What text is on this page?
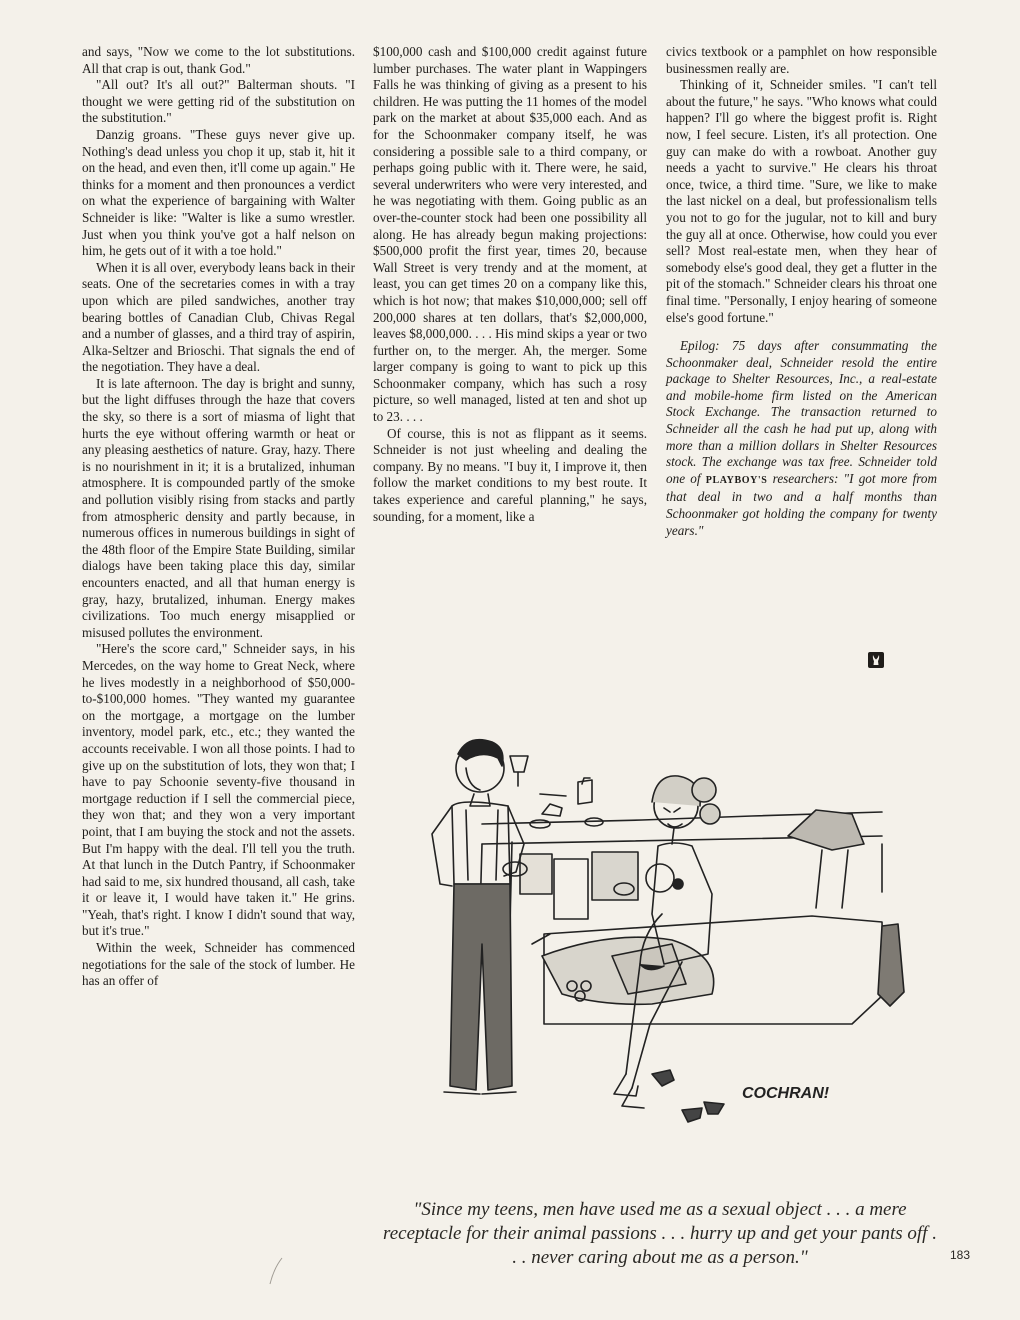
and says, "Now we come to the lot substitutions. All that crap is out, thank God."

"All out? It's all out?" Balterman shouts. "I thought we were getting rid of the substitution on the substitution."

Danzig groans. "These guys never give up. Nothing's dead unless you chop it up, stab it, hit it on the head, and even then, it'll come up again." He thinks for a moment and then pronounces a verdict on what the experience of bargaining with Walter Schneider is like: "Walter is like a sumo wrestler. Just when you think you've got a half nelson on him, he gets out of it with a toe hold."

When it is all over, everybody leans back in their seats. One of the secretaries comes in with a tray upon which are piled sandwiches, another tray bearing bottles of Canadian Club, Chivas Regal and a number of glasses, and a third tray of aspirin, Alka-Seltzer and Brioschi. That signals the end of the negotiation. They have a deal.

It is late afternoon. The day is bright and sunny, but the light diffuses through the haze that covers the sky, so there is a sort of miasma of light that hurts the eye without offering warmth or heat or any pleasing aesthetics of nature. Gray, hazy. There is no nourishment in it; it is a brutalized, inhuman atmosphere. It is compounded partly of the smoke and pollution visibly rising from stacks and partly from atmospheric density and partly because, in numerous offices in numerous buildings in sight of the 48th floor of the Empire State Building, similar dialogs have been taking place this day, similar encounters enacted, and all that human energy is gray, hazy, brutalized, inhuman. Energy makes civilizations. Too much energy misapplied or misused pollutes the environment.

"Here's the score card," Schneider says, in his Mercedes, on the way home to Great Neck, where he lives modestly in a neighborhood of $50,000-to-$100,000 homes. "They wanted my guarantee on the mortgage, a mortgage on the lumber inventory, model park, etc., etc.; they wanted the accounts receivable. I won all those points. I had to give up on the substitution of lots, they won that; I have to pay Schoonie seventy-five thousand in mortgage reduction if I sell the commercial piece, they won that; and they won a very important point, that I am buying the stock and not the assets. But I'm happy with the deal. I'll tell you the truth. At that lunch in the Dutch Pantry, if Schoonmaker had said to me, six hundred thousand, all cash, take it or leave it, I would have taken it." He grins. "Yeah, that's right. I know I didn't sound that way, but it's true."

Within the week, Schneider has commenced negotiations for the sale of the stock of lumber. He has an offer of

$100,000 cash and $100,000 credit against future lumber purchases. The water plant in Wappingers Falls he was thinking of giving as a present to his children. He was putting the 11 homes of the model park on the market at about $35,000 each. And as for the Schoonmaker company itself, he was considering a possible sale to a third company, or perhaps going public with it. There were, he said, several underwriters who were very interested, and he was negotiating with them. Going public as an over-the-counter stock had been one possibility all along. He has already begun making projections: $500,000 profit the first year, times 20, because Wall Street is very trendy and at the moment, at least, you can get times 20 on a company like this, which is hot now; that makes $10,000,000; sell off 200,000 shares at ten dollars, that's $2,000,000, leaves $8,000,000. . . . His mind skips a year or two further on, to the merger. Ah, the merger. Some larger company is going to want to pick up this Schoonmaker company, which has such a rosy picture, so well managed, listed at ten and shot up to 23. . . .

Of course, this is not as flippant as it seems. Schneider is not just wheeling and dealing the company. By no means. "I buy it, I improve it, then follow the market conditions to my best route. It takes experience and careful planning," he says, sounding, for a moment, like a

civics textbook or a pamphlet on how responsible businessmen really are.

Thinking of it, Schneider smiles. "I can't tell about the future," he says. "Who knows what could happen? I'll go where the biggest profit is. Right now, I feel secure. Listen, it's all protection. One guy can make do with a rowboat. Another guy needs a yacht to survive." He clears his throat once, twice, a third time. "Sure, we like to make the last nickel on a deal, but professionalism tells you not to go for the jugular, not to kill and bury the guy all at once. Otherwise, how could you ever sell? Most real-estate men, when they hear of somebody else's good deal, they get a flutter in the pit of the stomach." Schneider clears his throat one final time. "Personally, I enjoy hearing of someone else's good fortune."

Epilog: 75 days after consummating the Schoonmaker deal, Schneider resold the entire package to Shelter Resources, Inc., a real-estate and mobile-home firm listed on the American Stock Exchange. The transaction returned to Schneider all the cash he had put up, along with more than a million dollars in Shelter Resources stock. The exchange was tax free. Schneider told one of PLAYBOY'S researchers: "I got more from that deal in two and a half months than Schoonmaker got holding the company for twenty years."

COCHRAN!
"Since my teens, men have used me as a sexual object . . . a mere receptacle for their animal passions . . . hurry up and get your pants off . . . never caring about me as a person."	183
